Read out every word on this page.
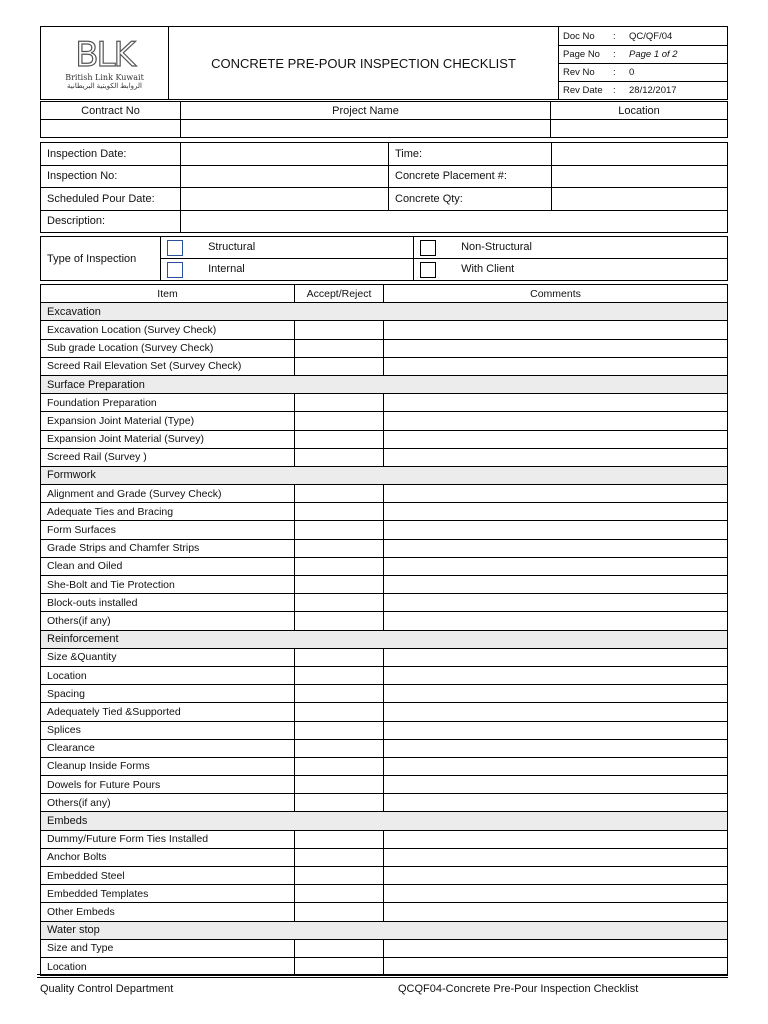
BLK
British Link Kuwait
الروابط الكويتية البريطانية
	CONCRETE PRE-POUR INSPECTION CHECKLIST	
Doc No	:	QC/QF/04
Page No	:	Page 1 of 2
Rev No	:	0
Rev Date	:	28/12/2017
Contract No	Project Name	Location

Inspection Date:		Time:	
Inspection No:		Concrete Placement #:	
Scheduled Pour Date:		Concrete Qty:	
Description:			
Type of Inspection	Structural	Non-Structural
	Internal	With Client
Item	Accept/Reject	Comments
Excavation		
Excavation Location (Survey Check)		
Sub grade Location (Survey Check)		
Screed Rail Elevation Set (Survey Check)		
Surface Preparation		
Foundation Preparation		
Expansion Joint Material (Type)		
Expansion Joint Material (Survey)		
Screed Rail (Survey )		
Formwork		
Alignment and Grade (Survey Check)		
Adequate Ties and Bracing		
Form Surfaces		
Grade Strips and Chamfer Strips		
Clean and Oiled		
She-Bolt and Tie Protection		
Block-outs installed		
Others(if any)		
Reinforcement		
Size &Quantity		
Location		
Spacing		
Adequately Tied &Supported		
Splices		
Clearance		
Cleanup Inside Forms		
Dowels for Future Pours		
Others(if any)		
Embeds		
Dummy/Future Form Ties Installed		
Anchor Bolts		
Embedded Steel		
Embedded Templates		
Other Embeds		
Water stop		
Size and Type		
Location		
Quality Control Department	QCQF04-Concrete Pre-Pour Inspection Checklist
